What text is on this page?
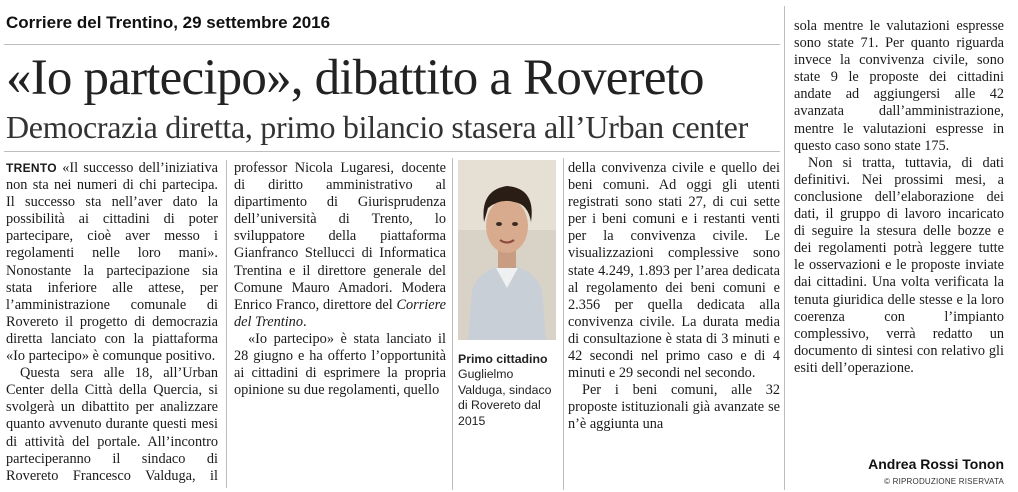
Corriere del Trentino, 29 settembre 2016
«Io partecipo», dibattito a Rovereto
Democrazia diretta, primo bilancio stasera all’Urban center

TRENTO «Il successo dell’iniziativa non sta nei numeri di chi partecipa. Il successo sta nell’aver dato la possibilità ai cittadini di poter partecipare, cioè aver messo i regolamenti nelle loro mani». Nonostante la partecipazione sia stata inferiore alle attese, per l’amministrazione comunale di Rovereto il progetto di democrazia diretta lanciato con la piattaforma «Io partecipo» è comunque positivo.

Questa sera alle 18, all’Urban Center della Città della Quercia, si svolgerà un dibattito per analizzare quanto avvenuto durante questi mesi di attività del portale. All’incontro parteciperanno il sindaco di Rovereto Francesco Valduga, il professor Nicola Lugaresi, docente di diritto amministrativo al dipartimento di Giurisprudenza dell’università di Trento, lo sviluppatore della piattaforma Gianfranco Stellucci di Informatica Trentina e il direttore generale del Comune Mauro Amadori. Modera Enrico Franco, direttore del Corriere del Trentino.

«Io partecipo» è stata lanciato il 28 giugno e ha offerto l’opportunità ai cittadini di esprimere la propria opinione su due regolamenti, quello

Primo cittadino
Guglielmo Valduga, sindaco di Rovereto dal 2015

della convivenza civile e quello dei beni comuni. Ad oggi gli utenti registrati sono stati 27, di cui sette per i beni comuni e i restanti venti per la convivenza civile. Le visualizzazioni complessive sono state 4.249, 1.893 per l’area dedicata al regolamento dei beni comuni e 2.356 per quella dedicata alla convivenza civile. La durata media di consultazione è stata di 3 minuti e 42 secondi nel primo caso e di 4 minuti e 29 secondi nel secondo.

Per i beni comuni, alle 32 proposte istituzionali già avanzate se n’è aggiunta una

sola mentre le valutazioni espresse sono state 71. Per quanto riguarda invece la convivenza civile, sono state 9 le proposte dei cittadini andate ad aggiungersi alle 42 avanzata dall’amministrazione, mentre le valutazioni espresse in questo caso sono state 175.

Non si tratta, tuttavia, di dati definitivi. Nei prossimi mesi, a conclusione dell’elaborazione dei dati, il gruppo di lavoro incaricato di seguire la stesura delle bozze e dei regolamenti potrà leggere tutte le osservazioni e le proposte inviate dai cittadini. Una volta verificata la tenuta giuridica delle stesse e la loro coerenza con l’impianto complessivo, verrà redatto un documento di sintesi con relativo gli esiti dell’operazione.

Andrea Rossi Tonon
© RIPRODUZIONE RISERVATA
